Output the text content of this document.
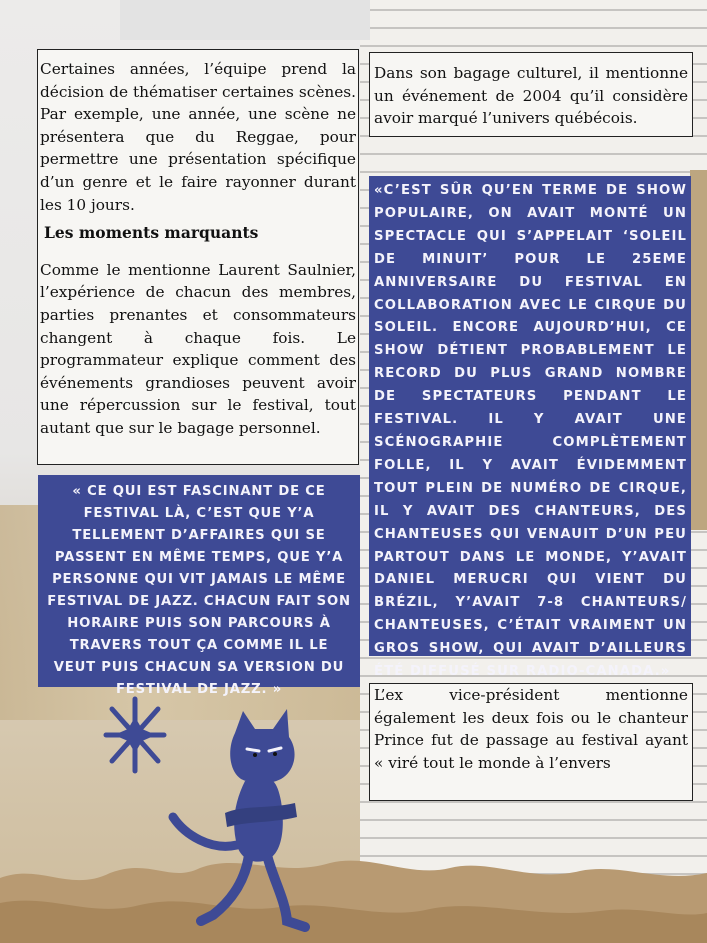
Certaines années, l’équipe prend la décision de thématiser certaines scènes. Par exemple, une année, une scène ne présentera que du Reggae, pour permettre une présentation spécifique d’un genre et le faire rayonner durant les 10 jours.

Les moments marquants

Comme le mentionne Laurent Saulnier, l’expérience de chacun des membres, parties prenantes et consommateurs changent à chaque fois. Le programmateur explique comment des événements grandioses peuvent avoir une répercussion sur le festival, tout autant que sur le bagage personnel.

« CE QUI EST FASCINANT DE CE FESTIVAL LÀ, C’EST QUE Y’A TELLEMENT D’AFFAIRES QUI SE PASSENT EN MÊME TEMPS, QUE Y’A PERSONNE QUI VIT JAMAIS LE MÊME FESTIVAL DE JAZZ. CHACUN FAIT SON HORAIRE PUIS SON PARCOURS À TRAVERS TOUT ÇA COMME IL LE VEUT PUIS CHACUN SA VERSION DU FESTIVAL DE JAZZ. »
Dans son bagage culturel, il mentionne un événement de 2004 qu’il considère avoir marqué l’univers québécois.
«C’EST SÛR QU’EN TERME DE SHOW POPULAIRE, ON AVAIT MONTÉ UN SPECTACLE QUI S’APPELAIT ‘SOLEIL DE MINUIT’ POUR LE 25EME ANNIVERSAIRE DU FESTIVAL EN COLLABORATION AVEC LE CIRQUE DU SOLEIL. ENCORE AUJOURD’HUI, CE SHOW DÉTIENT PROBABLEMENT LE RECORD DU PLUS GRAND NOMBRE DE SPECTATEURS PENDANT LE FESTIVAL. IL Y AVAIT UNE SCÉNOGRAPHIE COMPLÈTEMENT FOLLE, IL Y AVAIT ÉVIDEMMENT TOUT PLEIN DE NUMÉRO DE CIRQUE, IL Y AVAIT DES CHANTEURS, DES CHANTEUSES QUI VENAUIT D’UN PEU PARTOUT DANS LE MONDE, Y’AVAIT DANIEL MERUCRI QUI VIENT DU BRÉZIL, Y’AVAIT 7-8 CHANTEURS/ CHANTEUSES, C’ÉTAIT VRAIMENT UN GROS SHOW, QUI AVAIT D’AILLEURS ÉTÉ DIFFUSÉ SUR RADIO-CANADA.»
L’ex vice-président mentionne également les deux fois ou le chanteur Prince fut de passage au festival ayant « viré tout le monde à l’envers
